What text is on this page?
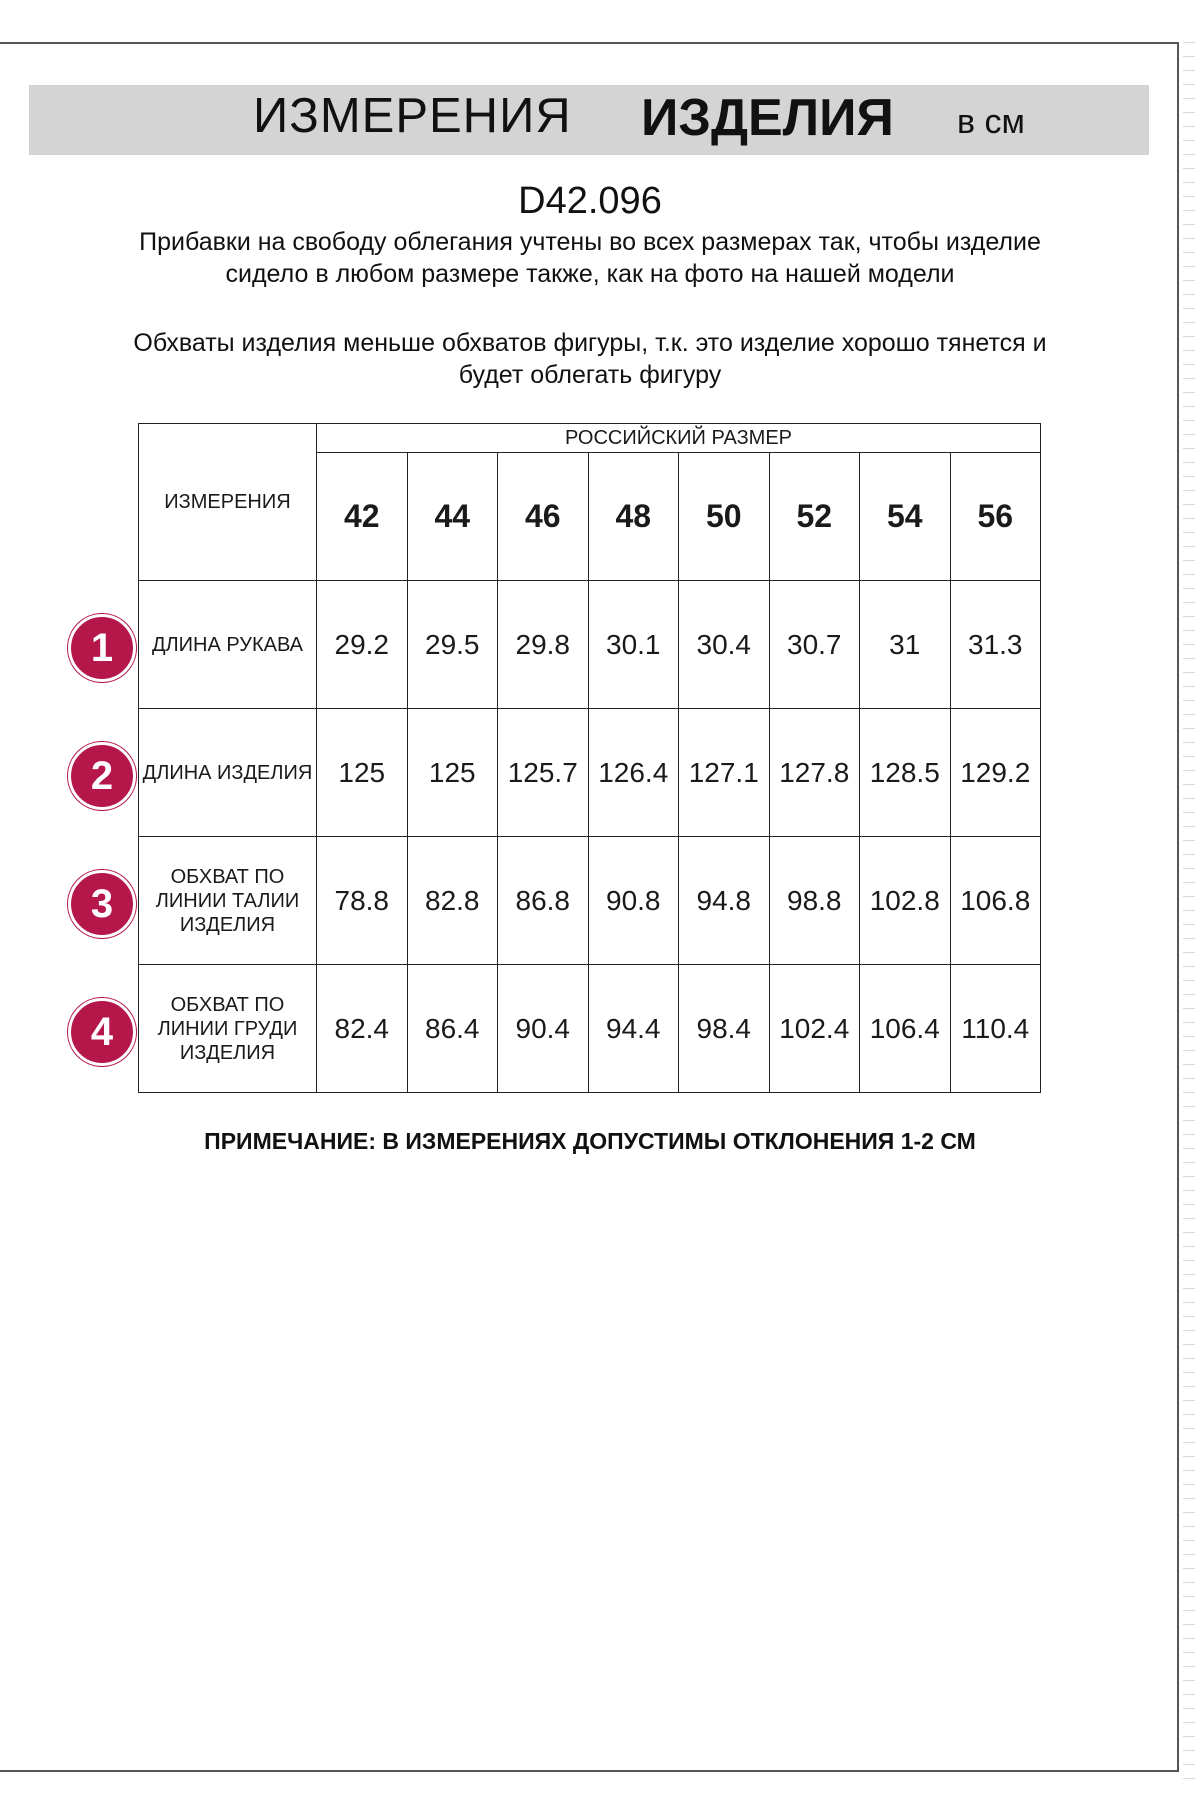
ИЗМЕРЕНИЯ ИЗДЕЛИЯ в см
D42.096
Прибавки на свободу облегания учтены во всех размерах так, чтобы изделие сидело в любом размере также, как на фото на нашей модели
Обхваты изделия меньше обхватов фигуры, т.к. это изделие хорошо тянется и будет облегать фигуру
ИЗМЕРЕНИЯ	РОССИЙСКИЙ РАЗМЕР							
	42	44	46	48	50	52	54	56
ДЛИНА РУКАВА	29.2	29.5	29.8	30.1	30.4	30.7	31	31.3
ДЛИНА ИЗДЕЛИЯ	125	125	125.7	126.4	127.1	127.8	128.5	129.2
ОБХВАТ ПО ЛИНИИ ТАЛИИ ИЗДЕЛИЯ	78.8	82.8	86.8	90.8	94.8	98.8	102.8	106.8
ОБХВАТ ПО ЛИНИИ ГРУДИ ИЗДЕЛИЯ	82.4	86.4	90.4	94.4	98.4	102.4	106.4	110.4
1
2
3
4
ПРИМЕЧАНИЕ: В ИЗМЕРЕНИЯХ ДОПУСТИМЫ ОТКЛОНЕНИЯ 1-2 СМ
